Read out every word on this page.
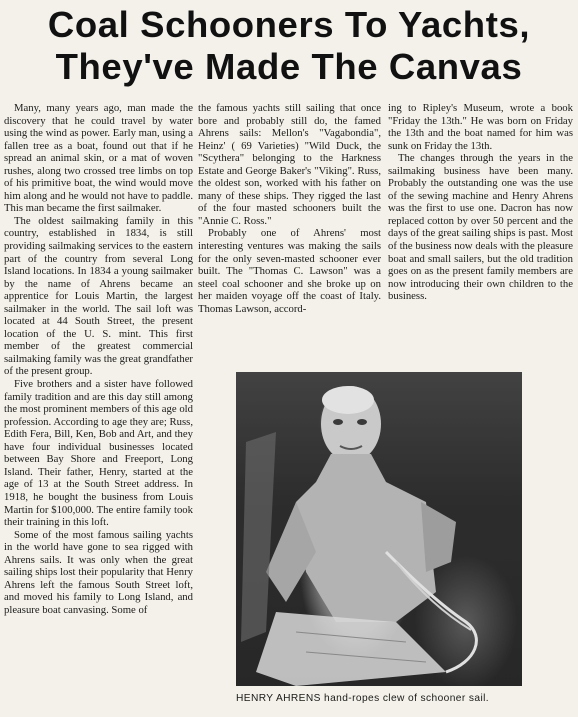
Coal Schooners To Yachts,
They've Made The Canvas

Many, many years ago, man made the discovery that he could travel by water using the wind as power. Early man, using a fallen tree as a boat, found out that if he spread an animal skin, or a mat of woven rushes, along two crossed tree limbs on top of his primitive boat, the wind would move him along and he would not have to paddle. This man became the first sailmaker.

The oldest sailmaking family in this country, established in 1834, is still providing sailmaking services to the eastern part of the country from several Long Island locations. In 1834 a young sailmaker by the name of Ahrens became an apprentice for Louis Martin, the largest sailmaker in the world. The sail loft was located at 44 South Street, the present location of the U. S. mint. This first member of the greatest commercial sailmaking family was the great grandfather of the present group.

Five brothers and a sister have followed family tradition and are this day still among the most prominent members of this age old profession. According to age they are; Russ, Edith Fera, Bill, Ken, Bob and Art, and they have four individual businesses located between Bay Shore and Freeport, Long Island. Their father, Henry, started at the age of 13 at the South Street address. In 1918, he bought the business from Louis Martin for $100,000. The entire family took their training in this loft.

Some of the most famous sailing yachts in the world have gone to sea rigged with Ahrens sails. It was only when the great sailing ships lost their popularity that Henry Ahrens left the famous South Street loft, and moved his family to Long Island, and pleasure boat canvasing. Some of

the famous yachts still sailing that once bore and probably still do, the famed Ahrens sails: Mellon's "Vagabondia", Heinz' ( 69 Varieties) "Wild Duck, the "Scythera" belonging to the Harkness Estate and George Baker's "Viking". Russ, the oldest son, worked with his father on many of these ships. They rigged the last of the four masted schooners built the "Annie C. Ross."

Probably one of Ahrens' most interesting ventures was making the sails for the only seven-masted schooner ever built. The "Thomas C. Lawson" was a steel coal schooner and she broke up on her maiden voyage off the coast of Italy. Thomas Lawson, accord-

ing to Ripley's Museum, wrote a book "Friday the 13th." He was born on Friday the 13th and the boat named for him was sunk on Friday the 13th.

The changes through the years in the sailmaking business have been many. Probably the outstanding one was the use of the sewing machine and Henry Ahrens was the first to use one. Dacron has now replaced cotton by over 50 percent and the days of the great sailing ships is past. Most of the business now deals with the pleasure boat and small sailers, but the old tradition goes on as the present family members are now introducing their own children to the business.

HENRY AHRENS hand-ropes clew of schooner sail.
